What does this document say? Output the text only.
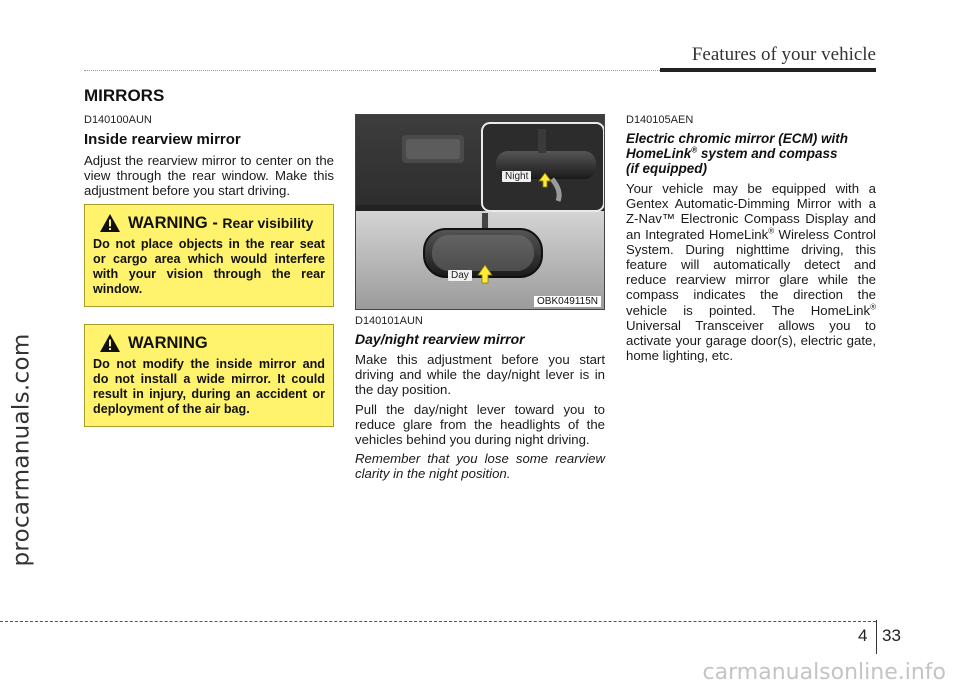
procarmanuals.com
Features of your vehicle
MIRRORS
D140100AUN
Inside rearview mirror
Adjust the rearview mirror to center on the view through the rear window. Make this adjustment before you start driving.
WARNING - Rear visibility
Do not place objects in the rear seat or cargo area which would interfere with your vision through the rear window.
WARNING
Do not modify the inside mirror and do not install a wide mirror. It could result in injury, during an accident or deployment of the air bag.
Night
Day
OBK049115N
D140101AUN
Day/night rearview mirror
Make this adjustment before you start driving and while the day/night lever is in the day position.
Pull the day/night lever toward you to reduce glare from the headlights of the vehicles behind you during night driving.
Remember that you lose some rearview clarity in the night position.
D140105AEN
Electric chromic mirror (ECM) with HomeLink® system and compass
(if equipped)
Your vehicle may be equipped with a Gentex Automatic-Dimming Mirror with a Z-Nav™ Electronic Compass Display and an Integrated HomeLink® Wireless Control System. During nighttime driving, this feature will automatically detect and reduce rearview mirror glare while the compass indicates the direction the vehicle is pointed. The HomeLink® Universal Transceiver allows you to activate your garage door(s), electric gate, home lighting, etc.
4 33
carmanualsonline.info
